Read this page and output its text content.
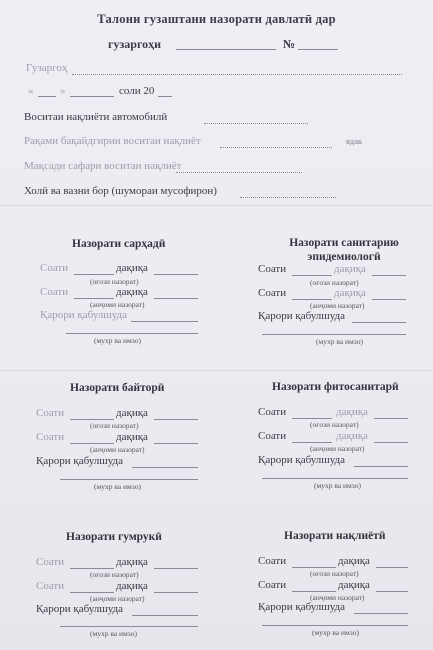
Талони гузаштани назорати давлатӣ дар
гузаргоҳи	№
Гузаргоҳ
« »	соли 20
Воситаи нақлиёти автомобилӣ
Рақами бақайдгирии воситаи нақлиёт	ядак
Мақсади сафари воситаи нақлиёт
Холӣ ва вазни бор (шумораи мусофирон)
Назорати сарҳадӣ
Соати	дақиқа
(оғози назорат)
Соати	дақиқа
(анҷоми назорат)
Қарори қабулшуда
(мухр ва имзо)
Назорати санитарию эпидемиологӣ
Соати	дақиқа
(оғози назорат)
Соати	дақиқа
(анҷоми назорат)
Қарори қабулшуда
(мухр ва имзо)
Назорати байторӣ
Соати	дақиқа
(оғози назорат)
Соати	дақиқа
(анҷоми назорат)
Қарори қабулшуда
(мухр ва имзо)
Назорати фитосанитарӣ
Соати	дақиқа
(оғози назорат)
Соати	дақиқа
(анҷоми назорат)
Қарори қабулшуда
(мухр ва имзо)
Назорати гумрукӣ
Соати	дақиқа
(оғози назорат)
Соати	дақиқа
(анҷоми назорат)
Қарори қабулшуда
(мухр ва имзо)
Назорати нақлиётӣ
Соати	дақиқа
(оғози назорат)
Соати	дақиқа
(анҷоми назорат)
Қарори қабулшуда
(мухр ва имзо)
